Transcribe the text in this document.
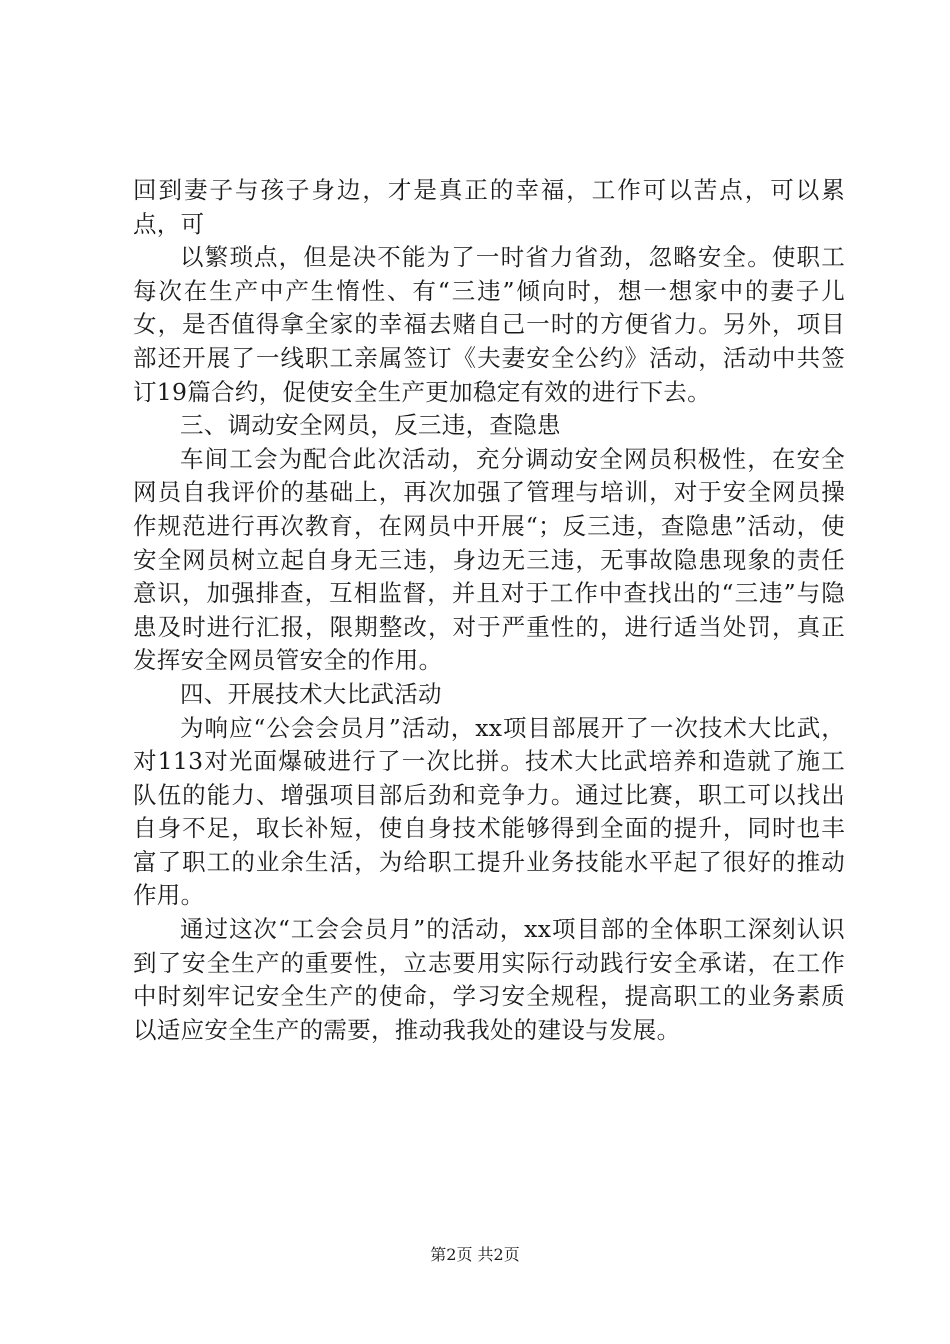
回到妻子与孩子身边，才是真正的幸福，工作可以苦点，可以累点，可

以繁琐点，但是决不能为了一时省力省劲，忽略安全。使职工每次在生产中产生惰性、有“三违”倾向时，想一想家中的妻子儿女，是否值得拿全家的幸福去赌自己一时的方便省力。另外，项目部还开展了一线职工亲属签订《夫妻安全公约》活动，活动中共签订19篇合约，促使安全生产更加稳定有效的进行下去。

三、调动安全网员，反三违，查隐患

车间工会为配合此次活动，充分调动安全网员积极性，在安全网员自我评价的基础上，再次加强了管理与培训，对于安全网员操作规范进行再次教育，在网员中开展“；反三违，查隐患”活动，使安全网员树立起自身无三违，身边无三违，无事故隐患现象的责任意识，加强排查，互相监督，并且对于工作中查找出的“三违”与隐患及时进行汇报，限期整改，对于严重性的，进行适当处罚，真正发挥安全网员管安全的作用。

四、开展技术大比武活动

为响应“公会会员月”活动，xx项目部展开了一次技术大比武，对113对光面爆破进行了一次比拼。技术大比武培养和造就了施工队伍的能力、增强项目部后劲和竞争力。通过比赛，职工可以找出自身不足，取长补短，使自身技术能够得到全面的提升，同时也丰富了职工的业余生活，为给职工提升业务技能水平起了很好的推动作用。

通过这次“工会会员月”的活动，xx项目部的全体职工深刻认识到了安全生产的重要性，立志要用实际行动践行安全承诺，在工作中时刻牢记安全生产的使命，学习安全规程，提高职工的业务素质以适应安全生产的需要，推动我我处的建设与发展。

第2页 共2页
